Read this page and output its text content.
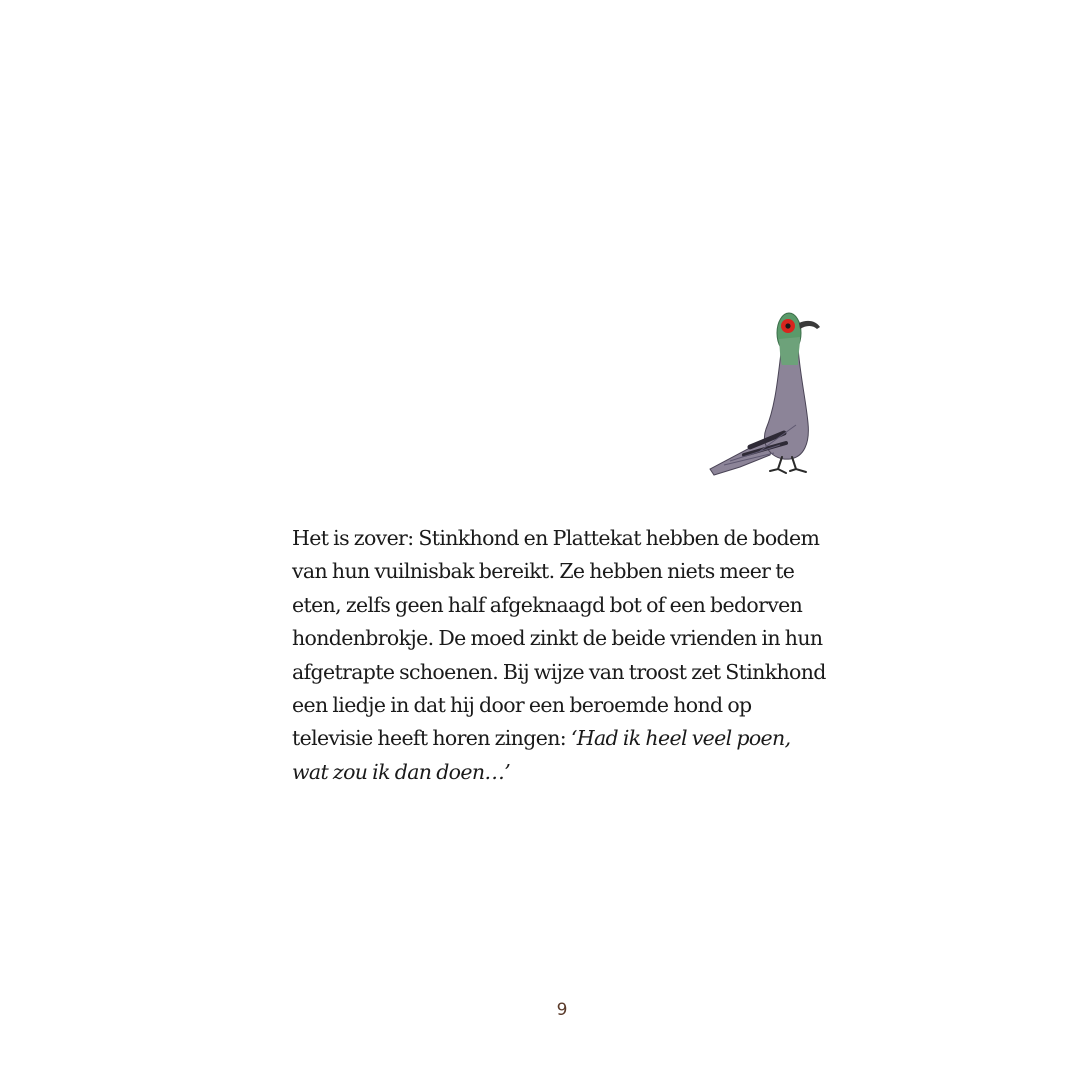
Het is zover: Stinkhond en Plattekat hebben de bodem
van hun vuilnisbak bereikt. Ze hebben niets meer te
eten, zelfs geen half afgeknaagd bot of een bedorven
hondenbrokje. De moed zinkt de beide vrienden in hun
afgetrapte schoenen. Bij wijze van troost zet Stinkhond
een liedje in dat hij door een beroemde hond op
televisie heeft horen zingen: ‘Had ik heel veel poen,
wat zou ik dan doen…’

9
